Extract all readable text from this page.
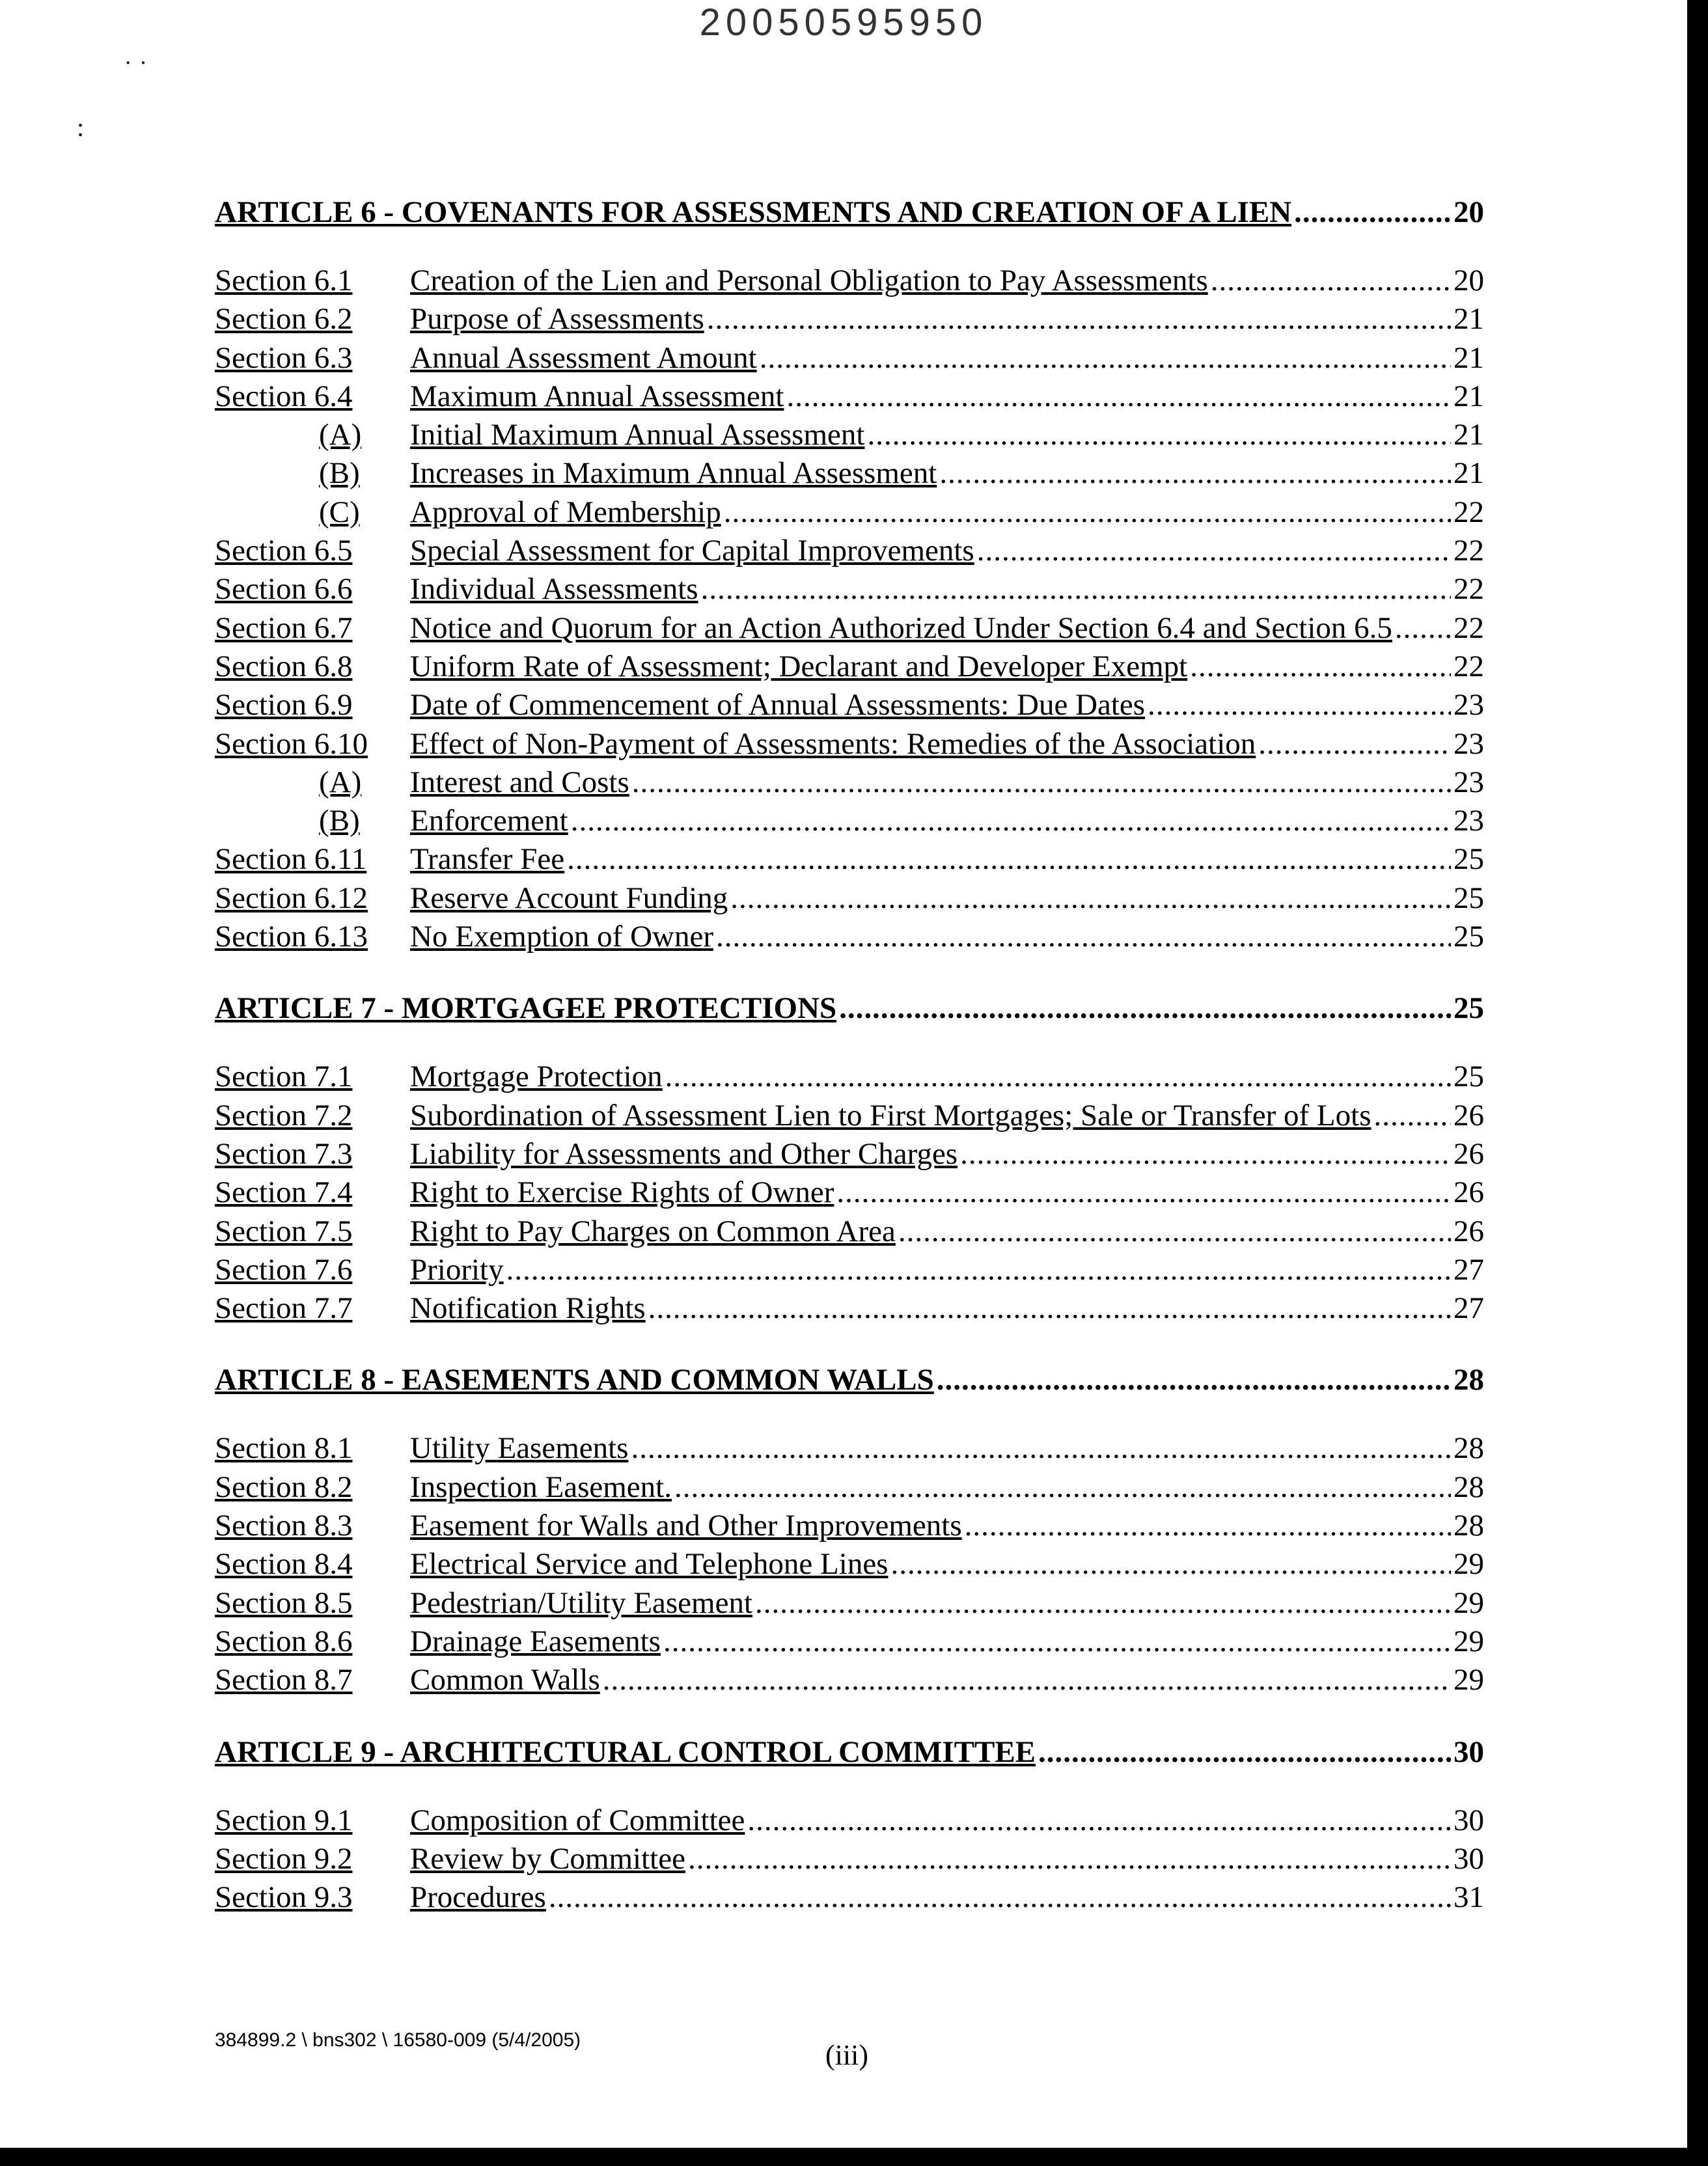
20050595950
˙ ˙
:
ARTICLE 6 - COVENANTS FOR ASSESSMENTS AND CREATION OF A LIEN .....	20
Section 6.1	Creation of the Lien and Personal Obligation to Pay Assessments .....	20
Section 6.2	Purpose of Assessments .....	21
Section 6.3	Annual Assessment Amount .....	21
Section 6.4	Maximum Annual Assessment .....	21
(A)	Initial Maximum Annual Assessment .....	21
(B)	Increases in Maximum Annual Assessment .....	21
(C)	Approval of Membership .....	22
Section 6.5	Special Assessment for Capital Improvements .....	22
Section 6.6	Individual Assessments .....	22
Section 6.7	Notice and Quorum for an Action Authorized Under Section 6.4 and Section 6.5 ..... 22
Section 6.8	Uniform Rate of Assessment; Declarant and Developer Exempt .....	22
Section 6.9	Date of Commencement of Annual Assessments: Due Dates .....	23
Section 6.10	Effect of Non-Payment of Assessments: Remedies of the Association .....	23
(A)	Interest and Costs .....	23
(B)	Enforcement .....	23
Section 6.11	Transfer Fee .....	25
Section 6.12	Reserve Account Funding .....	25
Section 6.13	No Exemption of Owner .....	25
ARTICLE 7 - MORTGAGEE PROTECTIONS .....	25
Section 7.1	Mortgage Protection .....	25
Section 7.2	Subordination of Assessment Lien to First Mortgages; Sale or Transfer of Lots .....	26
Section 7.3	Liability for Assessments and Other Charges .....	26
Section 7.4	Right to Exercise Rights of Owner .....	26
Section 7.5	Right to Pay Charges on Common Area .....	26
Section 7.6	Priority .....	27
Section 7.7	Notification Rights .....	27
ARTICLE 8 - EASEMENTS AND COMMON WALLS .....	28
Section 8.1	Utility Easements .....	28
Section 8.2	Inspection Easement. .....	28
Section 8.3	Easement for Walls and Other Improvements .....	28
Section 8.4	Electrical Service and Telephone Lines .....	29
Section 8.5	Pedestrian/Utility Easement .....	29
Section 8.6	Drainage Easements .....	29
Section 8.7	Common Walls .....	29
ARTICLE 9 - ARCHITECTURAL CONTROL COMMITTEE .....	30
Section 9.1	Composition of Committee .....	30
Section 9.2	Review by Committee .....	30
Section 9.3	Procedures .....	31
384899.2 \ bns302 \ 16580-009 (5/4/2005)	(iii)
